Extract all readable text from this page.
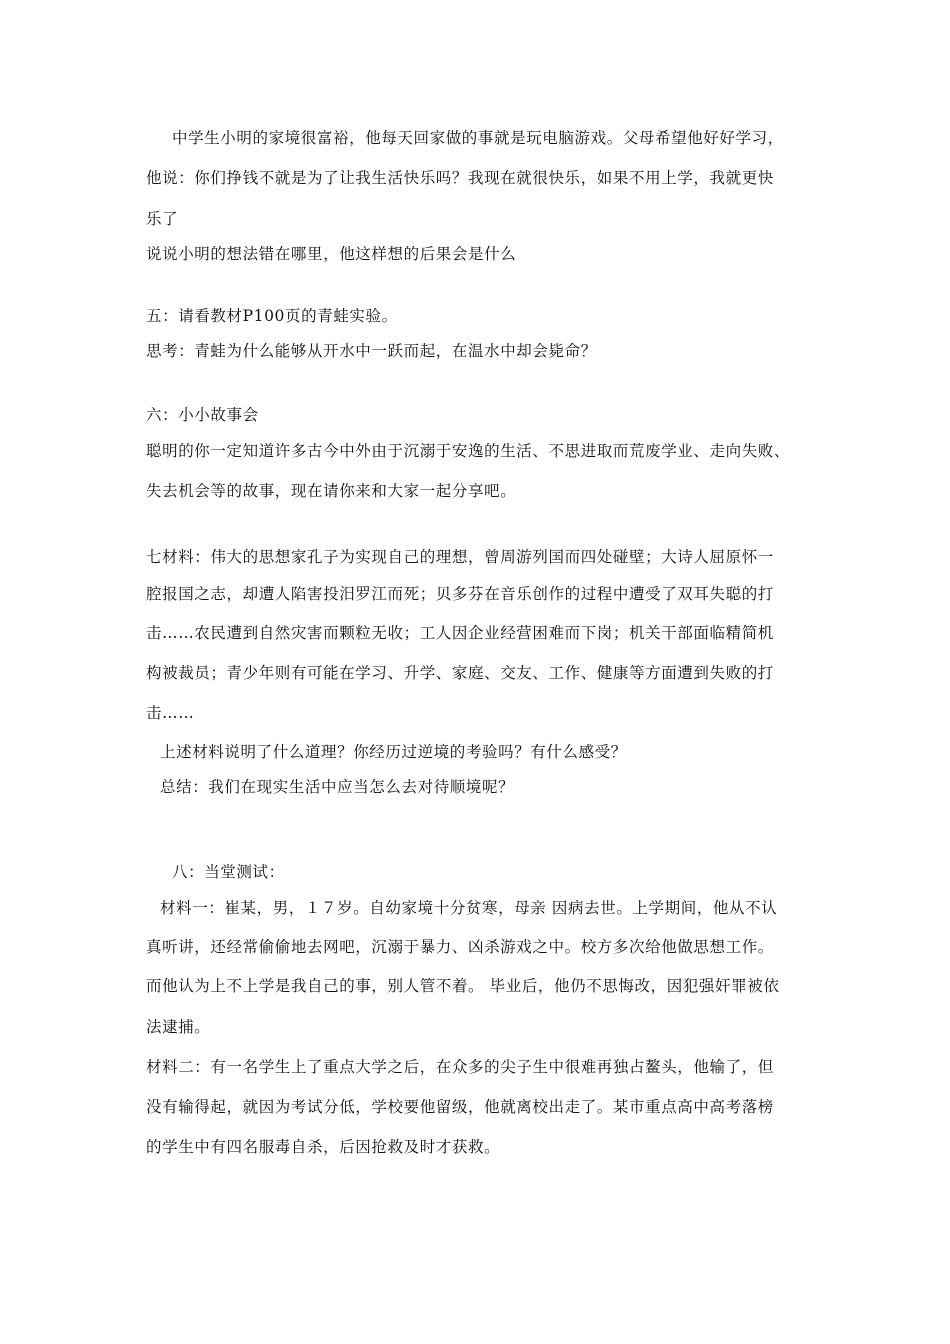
中学生小明的家境很富裕，他每天回家做的事就是玩电脑游戏。父母希望他好好学习，
他说：你们挣钱不就是为了让我生活快乐吗？我现在就很快乐，如果不用上学，我就更快
乐了
说说小明的想法错在哪里，他这样想的后果会是什么
五：请看教材P100页的青蛙实验。
思考：青蛙为什么能够从开水中一跃而起，在温水中却会毙命？
六：小小故事会
聪明的你一定知道许多古今中外由于沉溺于安逸的生活、不思进取而荒废学业、走向失败、
失去机会等的故事，现在请你来和大家一起分享吧。
七材料：伟大的思想家孔子为实现自己的理想，曾周游列国而四处碰壁；大诗人屈原怀一
腔报国之志，却遭人陷害投汨罗江而死；贝多芬在音乐创作的过程中遭受了双耳失聪的打
击……农民遭到自然灾害而颗粒无收；工人因企业经营困难而下岗；机关干部面临精简机
构被裁员；青少年则有可能在学习、升学、家庭、交友、工作、健康等方面遭到失败的打
击……
上述材料说明了什么道理？你经历过逆境的考验吗？有什么感受？
总结：我们在现实生活中应当怎么去对待顺境呢？
八：当堂测试：
材料一：崔某，男，１７岁。自幼家境十分贫寒，母亲 因病去世。上学期间，他从不认
真听讲，还经常偷偷地去网吧，沉溺于暴力、凶杀游戏之中。校方多次给他做思想工作。
而他认为上不上学是我自己的事，别人管不着。 毕业后，他仍不思悔改，因犯强奸罪被依
法逮捕。
材料二：有一名学生上了重点大学之后，在众多的尖子生中很难再独占鳌头，他输了，但
没有输得起，就因为考试分低，学校要他留级，他就离校出走了。某市重点高中高考落榜
的学生中有四名服毒自杀，后因抢救及时才获救。
